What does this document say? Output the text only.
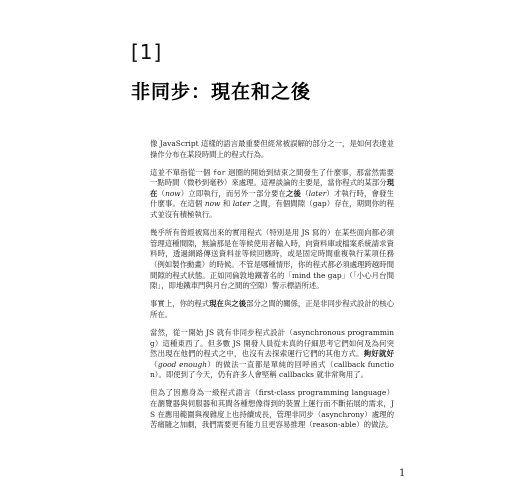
[1]
非同步：現在和之後

像 JavaScript 這樣的語言最重要但經常被誤解的部分之一，是如何表達並操作分布在某段時間上的程式行為。

這並不單指從一個 for 迴圈的開始到結束之間發生了什麼事，那當然需要一點時間（微秒到毫秒）來處理。這裡談論的主要是，當你程式的某部分現在（now）立即執行，而另外一部分要在之後（later）才執行時，會發生什麼事。在這個 now 和 later 之間，有個間隙（gap）存在，期間你的程式並沒有積極執行。

幾乎所有曾經被寫出來的實用程式（特別是用 JS 寫的）在某些面向都必須管理這種間隙，無論那是在等候使用者輸入時，向資料庫或檔案系統請求資料時，透過網路傳送資料並等候回應時，或是固定時間重複執行某項任務（例如製作動畫）的時候。不管是哪種情形，你的程式都必須處理跨越時間間隙的程式狀態。正如同倫敦地鐵著名的「mind the gap」（「小心月台間隙」，即地鐵車門與月台之間的空隙）警示標語所述。

事實上，你的程式現在與之後部分之間的關係，正是非同步程式設計的核心所在。

當然，從一開始 JS 就有非同步程式設計（asynchronous programming）這種東西了。但多數 JS 開發人員從未真的仔細思考它們如何及為何突然出現在他們的程式之中，也沒有去探索運行它們的其他方式。夠好就好（good enough）的做法一直都是單純的回呼函式（callback function）。即使到了今天，仍有許多人會堅稱 callbacks 就非常夠用了。

但為了因應身為一級程式語言（first-class programming language）在瀏覽器與伺服器和其間各種想像得到的裝置上運行而不斷拓展的需求，JS 在應用範圍與複雜度上也持續成長，管理非同步（asynchrony）處理的苦痛隨之加劇，我們需要更有能力且更容易推理（reason-able）的做法。

1
